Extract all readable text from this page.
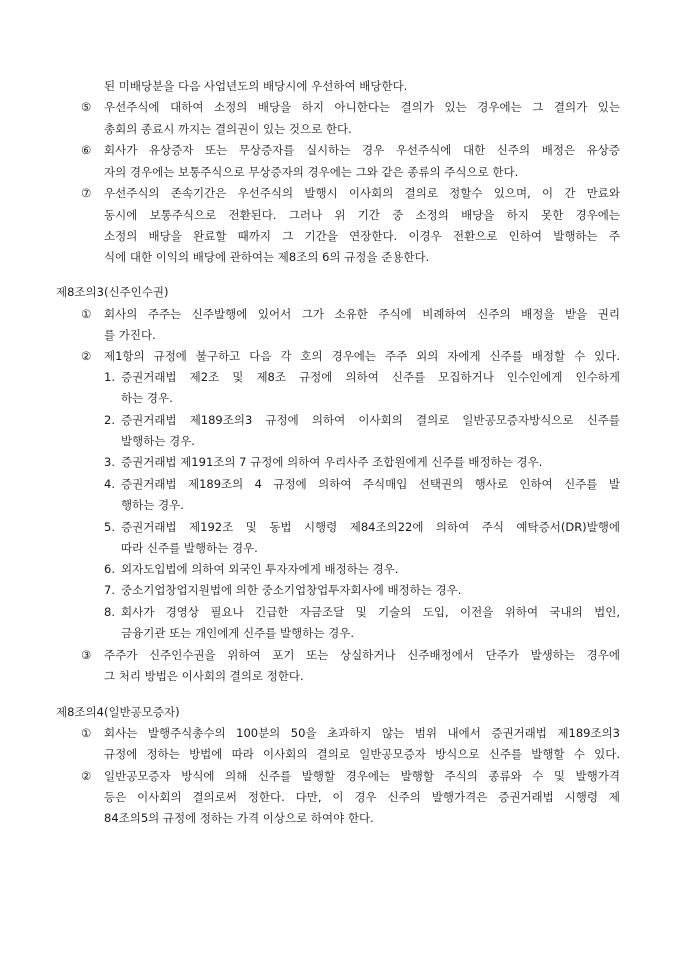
된 미배당분을 다음 사업년도의 배당시에 우선하여 배당한다.
⑤ 우선주식에 대하여 소정의 배당을 하지 아니한다는 결의가 있는 경우에는 그 결의가 있는
총회의 종료시 까지는 결의권이 있는 것으로 한다.
⑥ 회사가 유상증자 또는 무상증자를 실시하는 경우 우선주식에 대한 신주의 배정은 유상증
자의 경우에는 보통주식으로 무상증자의 경우에는 그와 같은 종류의 주식으로 한다.
⑦ 우선주식의 존속기간은 우선주식의 발행시 이사회의 결의로 정할수 있으며, 이 간 만료와
동시에 보통주식으로 전환된다. 그러나 위 기간 중 소정의 배당을 하지 못한 경우에는
소정의 배당을 완료할 때까지 그 기간을 연장한다. 이경우 전환으로 인하여 발행하는 주
식에 대한 이익의 배당에 관하여는 제8조의 6의 규정을 준용한다.
제8조의3(신주인수권)
① 회사의 주주는 신주발행에 있어서 그가 소유한 주식에 비례하여 신주의 배정을 받을 권리
를 가진다.
② 제1항의 규정에 불구하고 다음 각 호의 경우에는 주주 외의 자에게 신주를 배정할 수 있다.
1. 증권거래법 제2조 및 제8조 규정에 의하여 신주를 모집하거나 인수인에게 인수하게
하는 경우.
2. 증권거래법 제189조의3 규정에 의하여 이사회의 결의로 일반공모증자방식으로 신주를
발행하는 경우.
3. 증권거래법 제191조의 7 규정에 의하여 우리사주 조합원에게 신주를 배정하는 경우.
4. 증권거래법 제189조의 4 규정에 의하여 주식매입 선택권의 행사로 인하여 신주를 발
행하는 경우.
5. 증권거래법 제192조 및 동법 시행령 제84조의22에 의하여 주식 예탁증서(DR)발행에
따라 신주를 발행하는 경우.
6. 외자도입법에 의하여 외국인 투자자에게 배정하는 경우.
7. 중소기업창업지원법에 의한 중소기업창업투자회사에 배정하는 경우.
8. 회사가 경영상 필요나 긴급한 자금조달 및 기술의 도입, 이전을 위하여 국내의 법인,
금융기관 또는 개인에게 신주를 발행하는 경우.
③ 주주가 신주인수권을 위하여 포기 또는 상실하거나 신주배정에서 단주가 발생하는 경우에
그 처리 방법은 이사회의 결의로 정한다.
제8조의4(일반공모증자)
① 회사는 발행주식총수의 100분의 50을 초과하지 않는 범위 내에서 증권거래법 제189조의3
규정에 정하는 방법에 따라 이사회의 결의로 일반공모증자 방식으로 신주를 발행할 수 있다.
② 일반공모증자 방식에 의해 신주를 발행할 경우에는 발행할 주식의 종류와 수 및 발행가격
등은 이사회의 결의로써 정한다. 다만, 이 경우 신주의 발행가격은 증권거래법 시행령 제
84조의5의 규정에 정하는 가격 이상으로 하여야 한다.
